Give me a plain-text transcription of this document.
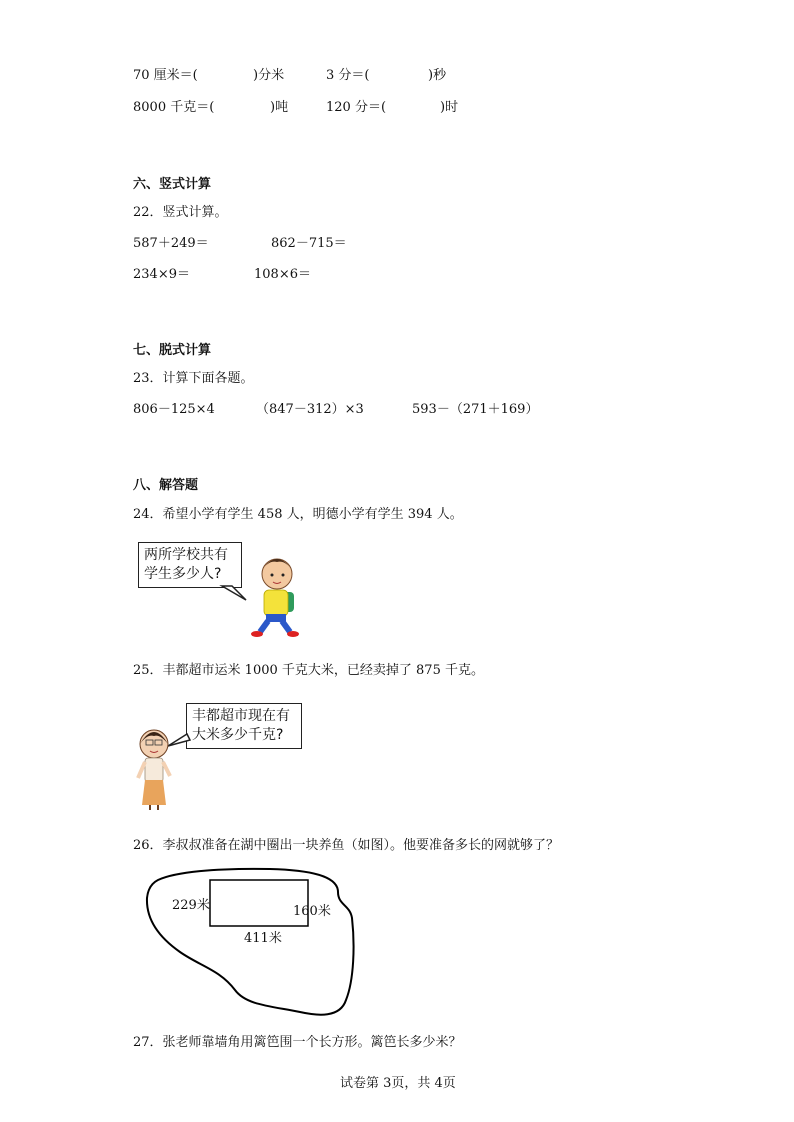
70 厘米＝(	)分米	3 分＝(	)秒
8000 千克＝(	)吨	120 分＝(	)时
六、竖式计算
22．竖式计算。
587＋249＝	862－715＝
234×9＝	108×6＝
七、脱式计算
23．计算下面各题。
806－125×4	（847－312）×3	593－（271＋169）
八、解答题
24．希望小学有学生 458 人，明德小学有学生 394 人。
两所学校共有
学生多少人?
25．丰都超市运米 1000 千克大米，已经卖掉了 875 千克。
丰都超市现在有
大米多少千克?
26．李叔叔准备在湖中圈出一块养鱼（如图）。他要准备多长的网就够了？
229米	160米
411米
27．张老师靠墙角用篱笆围一个长方形。篱笆长多少米？
试卷第 3页，共 4页
